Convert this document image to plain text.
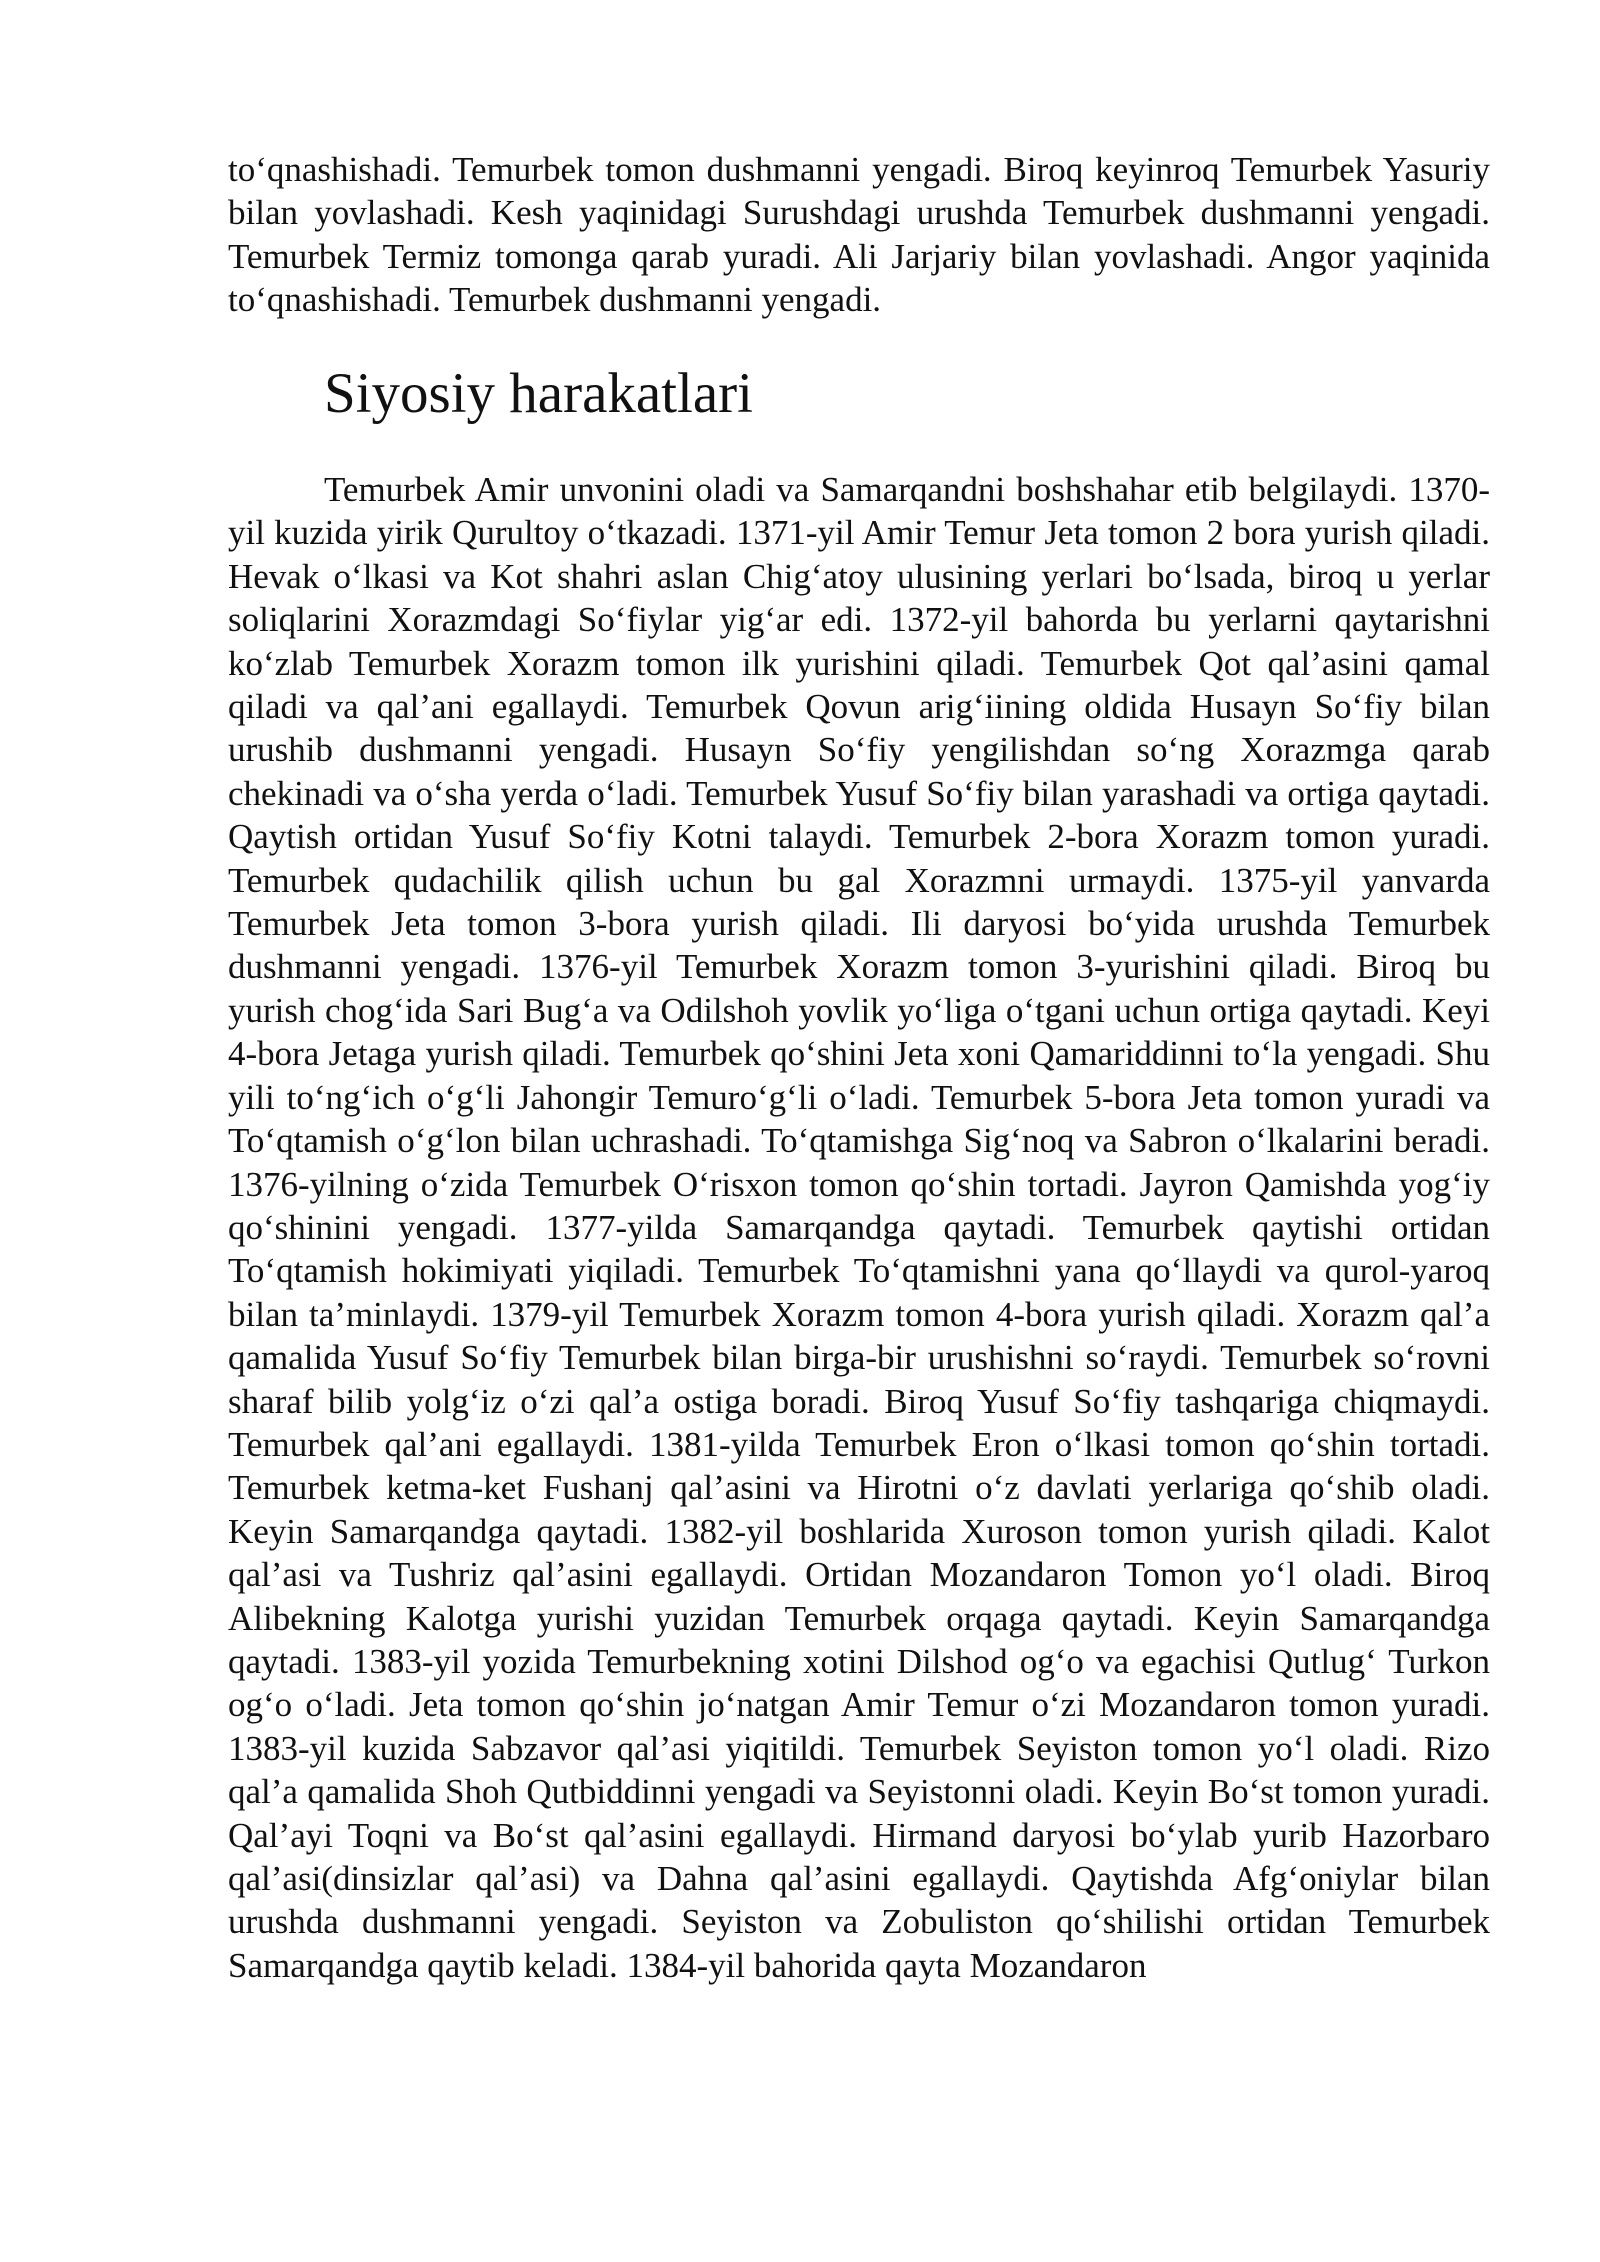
to‘qnashishadi. Temurbek tomon dushmanni yengadi. Biroq keyinroq Temurbek Yasuriy bilan yovlashadi. Kesh yaqinidagi Surushdagi urushda Temurbek dushmanni yengadi. Temurbek Termiz tomonga qarab yuradi. Ali Jarjariy bilan yovlashadi. Angor yaqinida to‘qnashishadi. Temurbek dushmanni yengadi.

Siyosiy harakatlari

Temurbek Amir unvonini oladi va Samarqandni boshshahar etib belgilaydi. 1370-yil kuzida yirik Qurultoy o‘tkazadi. 1371-yil Amir Temur Jeta tomon 2 bora yurish qiladi. Hevak o‘lkasi va Kot shahri aslan Chig‘atoy ulusining yerlari bo‘lsada, biroq u yerlar soliqlarini Xorazmdagi So‘fiylar yig‘ar edi. 1372-yil bahorda bu yerlarni qaytarishni ko‘zlab Temurbek Xorazm tomon ilk yurishini qiladi. Temurbek Qot qal’asini qamal qiladi va qal’ani egallaydi. Temurbek Qovun arig‘iining oldida Husayn So‘fiy bilan urushib dushmanni yengadi. Husayn So‘fiy yengilishdan so‘ng Xorazmga qarab chekinadi va o‘sha yerda o‘ladi. Temurbek Yusuf So‘fiy bilan yarashadi va ortiga qaytadi. Qaytish ortidan Yusuf So‘fiy Kotni talaydi. Temurbek 2-bora Xorazm tomon yuradi. Temurbek qudachilik qilish uchun bu gal Xorazmni urmaydi. 1375-yil yanvarda Temurbek Jeta tomon 3-bora yurish qiladi. Ili daryosi bo‘yida urushda Temurbek dushmanni yengadi. 1376-yil Temurbek Xorazm tomon 3-yurishini qiladi. Biroq bu yurish chog‘ida Sari Bug‘a va Odilshoh yovlik yo‘liga o‘tgani uchun ortiga qaytadi. Keyi 4-bora Jetaga yurish qiladi. Temurbek qo‘shini Jeta xoni Qamariddinni to‘la yengadi. Shu yili to‘ng‘ich o‘g‘li Jahongir Temuro‘g‘li o‘ladi. Temurbek 5-bora Jeta tomon yuradi va To‘qtamish o‘g‘lon bilan uchrashadi. To‘qtamishga Sig‘noq va Sabron o‘lkalarini beradi. 1376-yilning o‘zida Temurbek O‘risxon tomon qo‘shin tortadi. Jayron Qamishda yog‘iy qo‘shinini yengadi. 1377-yilda Samarqandga qaytadi. Temurbek qaytishi ortidan To‘qtamish hokimiyati yiqiladi. Temurbek To‘qtamishni yana qo‘llaydi va qurol-yaroq bilan ta’minlaydi. 1379-yil Temurbek Xorazm tomon 4-bora yurish qiladi. Xorazm qal’a qamalida Yusuf So‘fiy Temurbek bilan birga-bir urushishni so‘raydi. Temurbek so‘rovni sharaf bilib yolg‘iz o‘zi qal’a ostiga boradi. Biroq Yusuf So‘fiy tashqariga chiqmaydi. Temurbek qal’ani egallaydi. 1381-yilda Temurbek Eron o‘lkasi tomon qo‘shin tortadi. Temurbek ketma-ket Fushanj qal’asini va Hirotni o‘z davlati yerlariga qo‘shib oladi. Keyin Samarqandga qaytadi. 1382-yil boshlarida Xuroson tomon yurish qiladi. Kalot qal’asi va Tushriz qal’asini egallaydi. Ortidan Mozandaron Tomon yo‘l oladi. Biroq Alibekning Kalotga yurishi yuzidan Temurbek orqaga qaytadi. Keyin Samarqandga qaytadi. 1383-yil yozida Temurbekning xotini Dilshod og‘o va egachisi Qutlug‘ Turkon og‘o o‘ladi. Jeta tomon qo‘shin jo‘natgan Amir Temur o‘zi Mozandaron tomon yuradi. 1383-yil kuzida Sabzavor qal’asi yiqitildi. Temurbek Seyiston tomon yo‘l oladi. Rizo qal’a qamalida Shoh Qutbiddinni yengadi va Seyistonni oladi. Keyin Bo‘st tomon yuradi. Qal’ayi Toqni va Bo‘st qal’asini egallaydi. Hirmand daryosi bo‘ylab yurib Hazorbaro qal’asi(dinsizlar qal’asi) va Dahna qal’asini egallaydi. Qaytishda Afg‘oniylar bilan urushda dushmanni yengadi. Seyiston va Zobuliston qo‘shilishi ortidan Temurbek Samarqandga qaytib keladi. 1384-yil bahorida qayta Mozandaron
